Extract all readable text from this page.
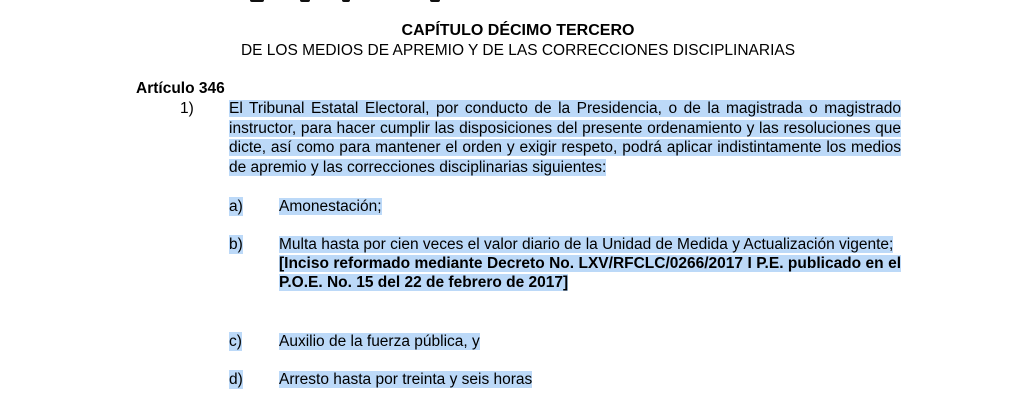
CAPÍTULO DÉCIMO TERCERO
DE LOS MEDIOS DE APREMIO Y DE LAS CORRECCIONES DISCIPLINARIAS
Artículo 346
1) El Tribunal Estatal Electoral, por conducto de la Presidencia, o de la magistrada o magistrado instructor, para hacer cumplir las disposiciones del presente ordenamiento y las resoluciones que dicte, así como para mantener el orden y exigir respeto, podrá aplicar indistintamente los medios de apremio y las correcciones disciplinarias siguientes:
a) Amonestación;
b) Multa hasta por cien veces el valor diario de la Unidad de Medida y Actualización vigente;
[Inciso reformado mediante Decreto No. LXV/RFCLC/0266/2017 I P.E. publicado en el P.O.E. No. 15 del 22 de febrero de 2017]
c) Auxilio de la fuerza pública, y
d) Arresto hasta por treinta y seis horas
